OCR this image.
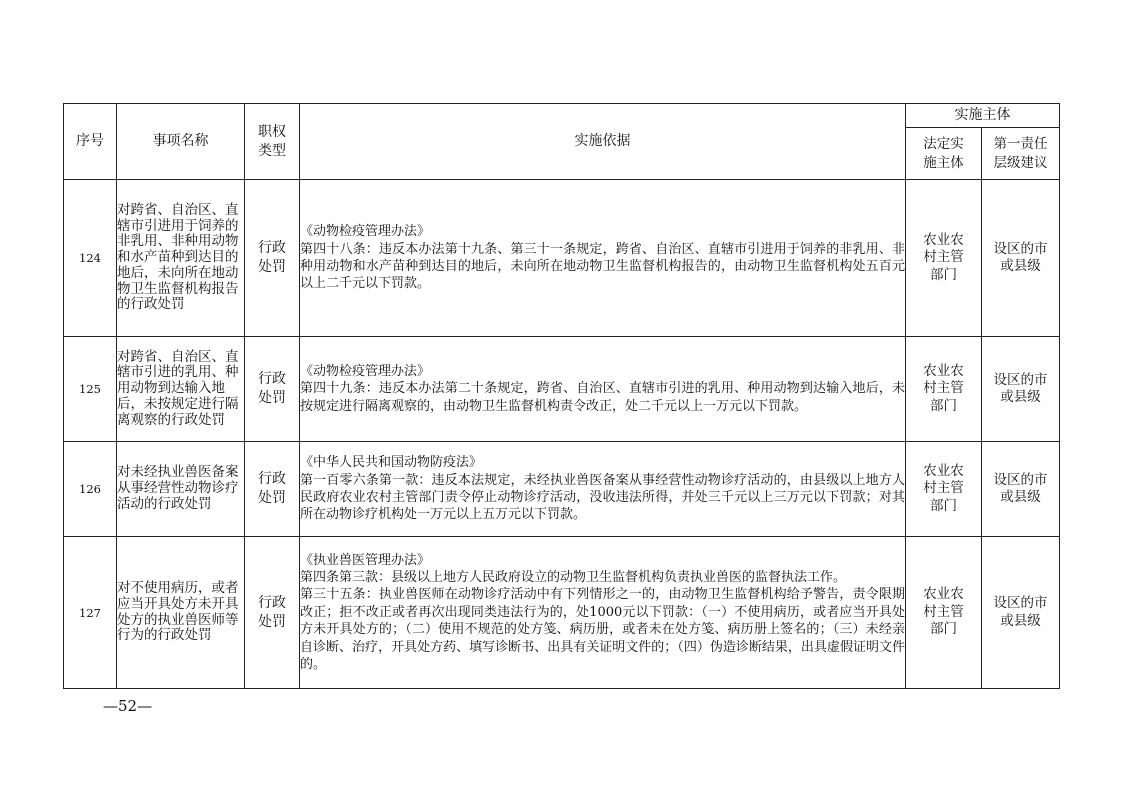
序号	事项名称	职权类型	实施依据	实施主体	

				法定实施主体	第一责任层级建议

124	对跨省、自治区、直辖市引进用于饲养的非乳用、非种用动物和水产苗种到达目的地后，未向所在地动物卫生监督机构报告的行政处罚	行政处罚	《动物检疫管理办法》
第四十八条：违反本办法第十九条、第三十一条规定，跨省、自治区、直辖市引进用于饲养的非乳用、非种用动物和水产苗种到达目的地后，未向所在地动物卫生监督机构报告的，由动物卫生监督机构处五百元以上二千元以下罚款。	农业农村主管部门	设区的市或县级

125	对跨省、自治区、直辖市引进的乳用、种用动物到达输入地后，未按规定进行隔离观察的行政处罚	行政处罚	《动物检疫管理办法》
第四十九条：违反本办法第二十条规定，跨省、自治区、直辖市引进的乳用、种用动物到达输入地后，未按规定进行隔离观察的，由动物卫生监督机构责令改正，处二千元以上一万元以下罚款。	农业农村主管部门	设区的市或县级

126	对未经执业兽医备案从事经营性动物诊疗活动的行政处罚	行政处罚	《中华人民共和国动物防疫法》
第一百零六条第一款：违反本法规定，未经执业兽医备案从事经营性动物诊疗活动的，由县级以上地方人民政府农业农村主管部门责令停止动物诊疗活动，没收违法所得，并处三千元以上三万元以下罚款；对其所在动物诊疗机构处一万元以上五万元以下罚款。	农业农村主管部门	设区的市或县级

127	对不使用病历，或者应当开具处方未开具处方的执业兽医师等行为的行政处罚	行政处罚	《执业兽医管理办法》
第四条第三款：县级以上地方人民政府设立的动物卫生监督机构负责执业兽医的监督执法工作。
第三十五条：执业兽医师在动物诊疗活动中有下列情形之一的，由动物卫生监督机构给予警告，责令限期改正；拒不改正或者再次出现同类违法行为的，处1000元以下罚款：（一）不使用病历，或者应当开具处方未开具处方的；（二）使用不规范的处方笺、病历册，或者未在处方笺、病历册上签名的；（三）未经亲自诊断、治疗，开具处方药、填写诊断书、出具有关证明文件的；（四）伪造诊断结果，出具虚假证明文件的。	农业农村主管部门	设区的市或县级
—52—
